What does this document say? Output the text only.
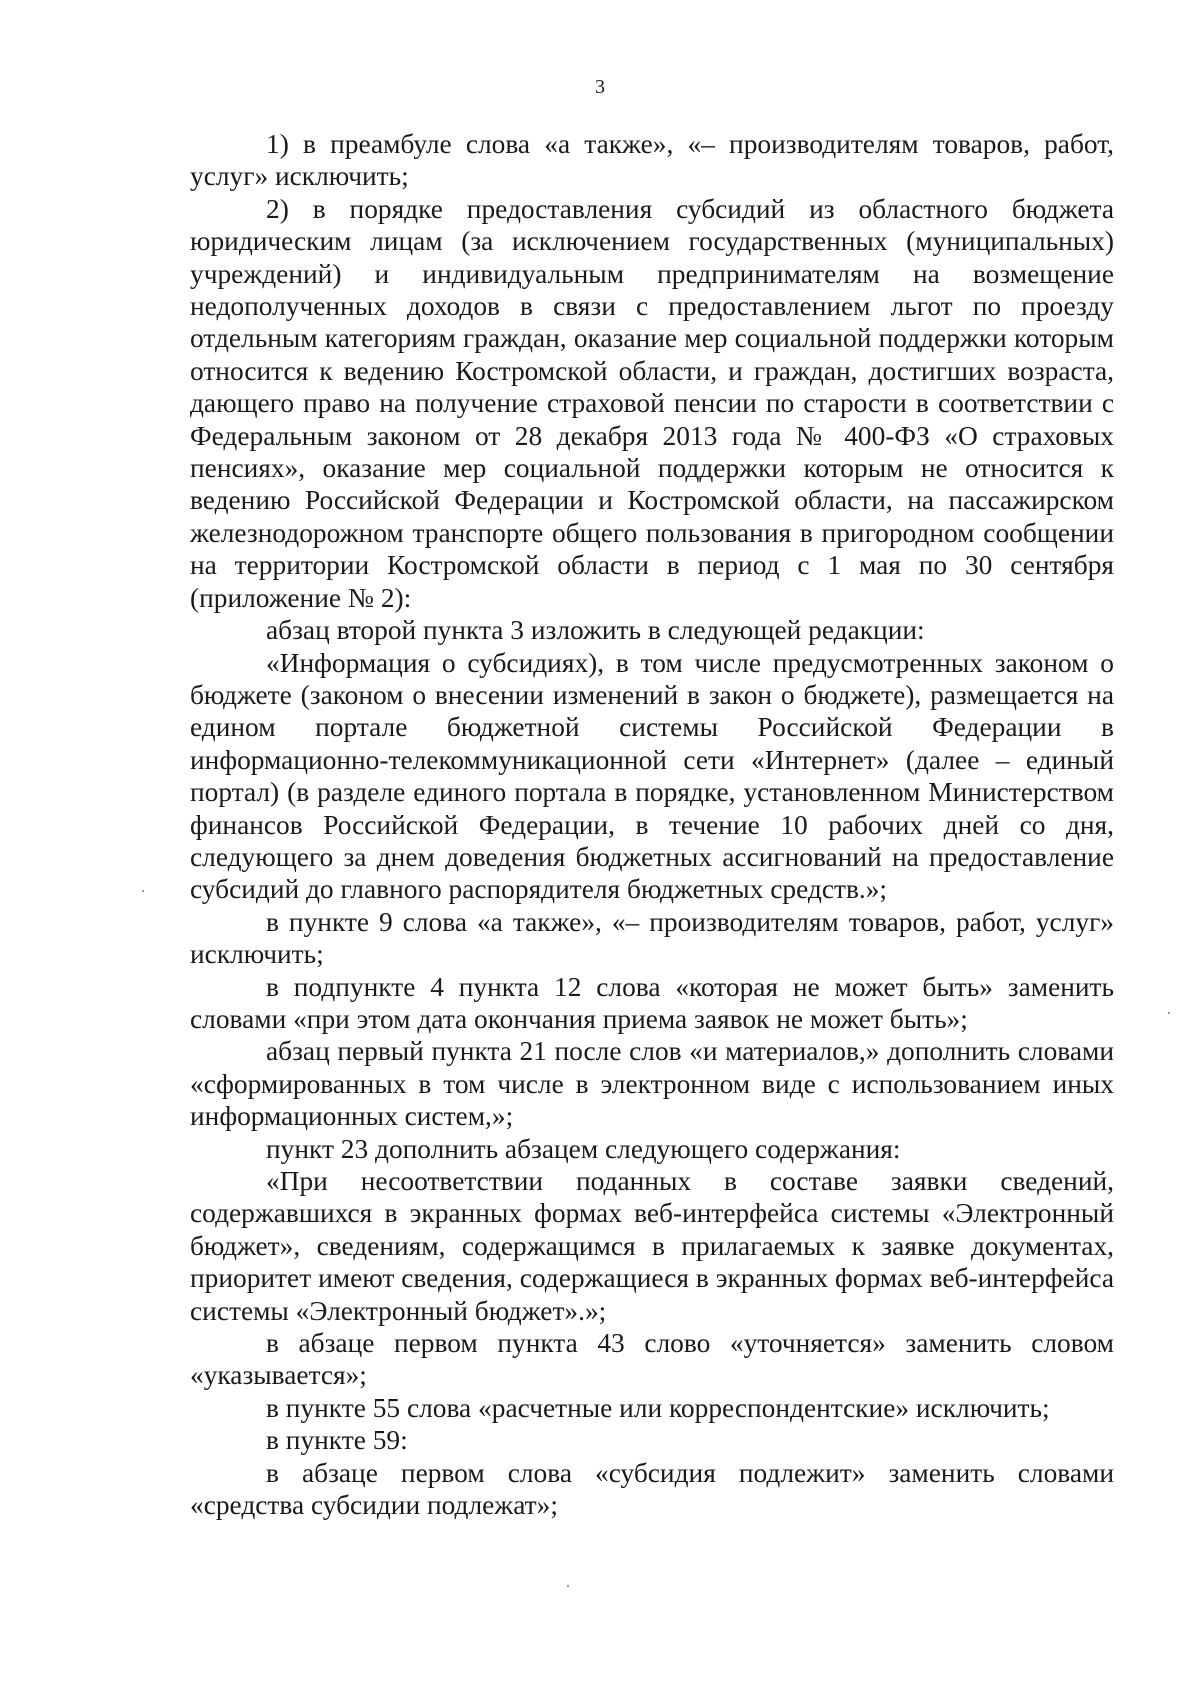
3

1) в преамбуле слова «а также», «– производителям товаров, работ, услуг» исключить;

2) в порядке предоставления субсидий из областного бюджета юридическим лицам (за исключением государственных (муниципальных) учреждений) и индивидуальным предпринимателям на возмещение недополученных доходов в связи с предоставлением льгот по проезду отдельным категориям граждан, оказание мер социальной поддержки которым относится к ведению Костромской области, и граждан, достигших возраста, дающего право на получение страховой пенсии по старости в соответствии с Федеральным законом от 28 декабря 2013 года № 400-ФЗ «О страховых пенсиях», оказание мер социальной поддержки которым не относится к ведению Российской Федерации и Костромской области, на пассажирском железнодорожном транспорте общего пользования в пригородном сообщении на территории Костромской области в период с 1 мая по 30 сентября (приложение № 2):

абзац второй пункта 3 изложить в следующей редакции:

«Информация о субсидиях), в том числе предусмотренных законом о бюджете (законом о внесении изменений в закон о бюджете), размещается на едином портале бюджетной системы Российской Федерации в информационно-телекоммуникационной сети «Интернет» (далее – единый портал) (в разделе единого портала в порядке, установленном Министерством финансов Российской Федерации, в течение 10 рабочих дней со дня, следующего за днем доведения бюджетных ассигнований на предоставление субсидий до главного распорядителя бюджетных средств.»;

в пункте 9 слова «а также», «– производителям товаров, работ, услуг» исключить;

в подпункте 4 пункта 12 слова «которая не может быть» заменить словами «при этом дата окончания приема заявок не может быть»;

абзац первый пункта 21 после слов «и материалов,» дополнить словами «сформированных в том числе в электронном виде с использованием иных информационных систем,»;

пункт 23 дополнить абзацем следующего содержания:

«При несоответствии поданных в составе заявки сведений, содержавшихся в экранных формах веб-интерфейса системы «Электронный бюджет», сведениям, содержащимся в прилагаемых к заявке документах, приоритет имеют сведения, содержащиеся в экранных формах веб-интерфейса системы «Электронный бюджет».»;

в абзаце первом пункта 43 слово «уточняется» заменить словом «указывается»;

в пункте 55 слова «расчетные или корреспондентские» исключить;

в пункте 59:

в абзаце первом слова «субсидия подлежит» заменить словами «средства субсидии подлежат»;
